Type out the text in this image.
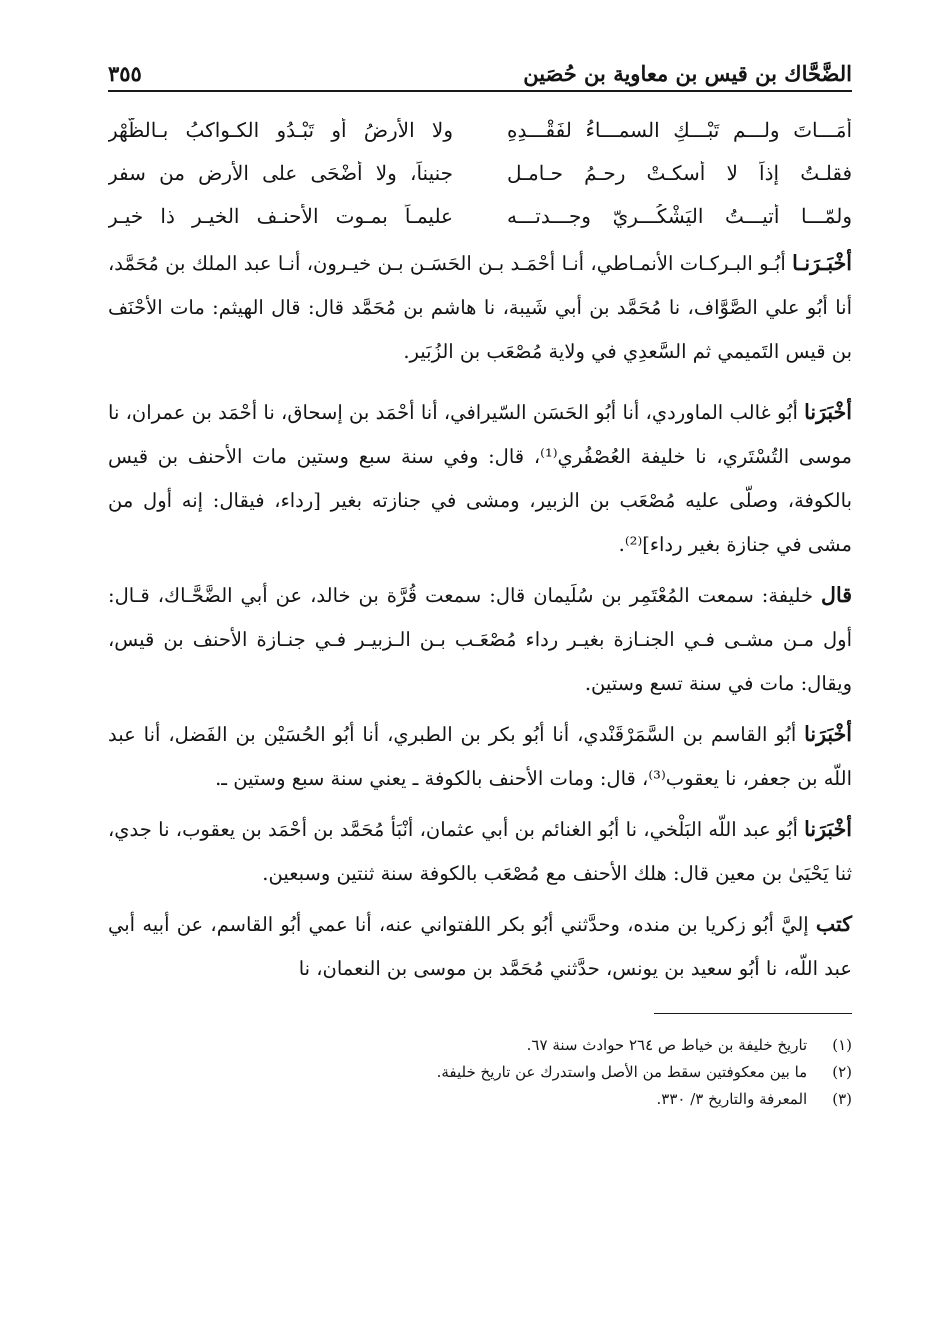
الضَّحَّاك بن قيس بن معاوية بن حُصَين
٣٥٥
أمَـــاتَ ولـــم تَبْـــكِ السمـــاءُ لفَقْـــدِهِ
ولا الأرضُ أو تَبْـدُو الكـواكبُ بـالظُّهْرِ
فقلـتُ إذاً لا أسكـتْ رحـمُ حـامـلِ
جنيناً، ولا أضْحَى على الأرض من سفر
ولمّـــا أتيـــتُ اليَشْكُـــريّ وجـــدتـــه
عليمـاً بمـوت الأحنـف الخيـر ذا خيـر

أخْبَـرَنـا أبُـو البـركـات الأنمـاطي، أنـا أحْمَـد بـن الحَسَـن بـن خيـرون، أنـا عبد الملك بن مُحَمَّد، أنا أبُو علي الصَّوَّاف، نا مُحَمَّد بن أبي شَيبة، نا هاشم بن مُحَمَّد قال: قال الهيثم: مات الأحْنَف بن قيس التَميمي ثم السَّعدِي في ولاية مُصْعَب بن الزُبَير.

أخْبَرَنا أبُو غالب الماوردي، أنا أبُو الحَسَن السّيرافي، أنا أحْمَد بن إسحاق، نا أحْمَد بن عمران، نا موسى التُسْتَري، نا خليفة العُصْفُري⁽¹⁾، قال: وفي سنة سبع وستين مات الأحنف بن قيس بالكوفة، وصلّى عليه مُصْعَب بن الزبير، ومشى في جنازته بغير [رداء، فيقال: إنه أول من مشى في جنازة بغير رداء]⁽²⁾.

قال خليفة: سمعت المُعْتَمِر بن سُلَيمان قال: سمعت قُرَّة بن خالد، عن أبي الضَّحَّـاك، قـال: أول مـن مشـى فـي الجنـازة بغيـر رداء مُصْعَـب بـن الـزبيـر فـي جنـازة الأحنف بن قيس، ويقال: مات في سنة تسع وستين.

أخْبَرَنا أبُو القاسم بن السَّمَرْقَنْدي، أنا أبُو بكر بن الطبري، أنا أبُو الحُسَيْن بن الفَضل، أنا عبد اللّه بن جعفر، نا يعقوب⁽³⁾، قال: ومات الأحنف بالكوفة ـ يعني سنة سبع وستين ـ.

أخْبَرَنا أبُو عبد اللّه البَلْخي، نا أبُو الغنائم بن أبي عثمان، أنْبَأ مُحَمَّد بن أحْمَد بن يعقوب، نا جدي، ثنا يَحْيَىٰ بن معين قال: هلك الأحنف مع مُصْعَب بالكوفة سنة ثنتين وسبعين.

كتب إليَّ أبُو زكريا بن منده، وحدَّثني أبُو بكر اللفتواني عنه، أنا عمي أبُو القاسم، عن أبيه أبي عبد اللّه، نا أبُو سعيد بن يونس، حدَّثني مُحَمَّد بن موسى بن النعمان، نا

(١) تاريخ خليفة بن خياط ص ٢٦٤ حوادث سنة ٦٧.
(٢) ما بين معكوفتين سقط من الأصل واستدرك عن تاريخ خليفة.
(٣) المعرفة والتاريخ ٣/ ٣٣٠.
